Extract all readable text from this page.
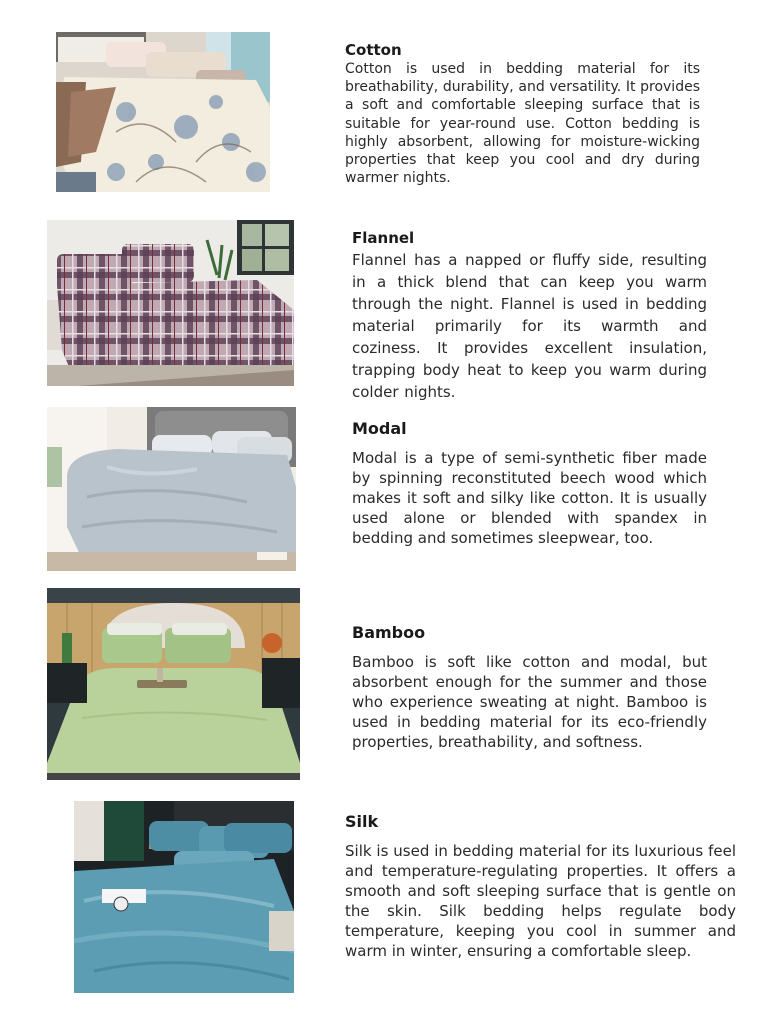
Cotton
Cotton is used in bedding material for its breathability, durability, and versatility. It provides a soft and comfortable sleeping surface that is suitable for year-round use. Cotton bedding is highly absorbent, allowing for moisture-wicking properties that keep you cool and dry during warmer nights.
Flannel
Flannel has a napped or fluffy side, resulting in a thick blend that can keep you warm through the night. Flannel is used in bedding material primarily for its warmth and coziness. It provides excellent insulation, trapping body heat to keep you warm during colder nights.
Modal
Modal is a type of semi-synthetic fiber made by spinning reconstituted beech wood which makes it soft and silky like cotton. It is usually used alone or blended with spandex in bedding and sometimes sleepwear, too.
Bamboo
Bamboo is soft like cotton and modal, but absorbent enough for the summer and those who experience sweating at night. Bamboo is used in bedding material for its eco-friendly properties, breathability, and softness.
Silk
Silk is used in bedding material for its luxurious feel and temperature-regulating properties. It offers a smooth and soft sleeping surface that is gentle on the skin. Silk bedding helps regulate body temperature, keeping you cool in summer and warm in winter, ensuring a comfortable sleep.
